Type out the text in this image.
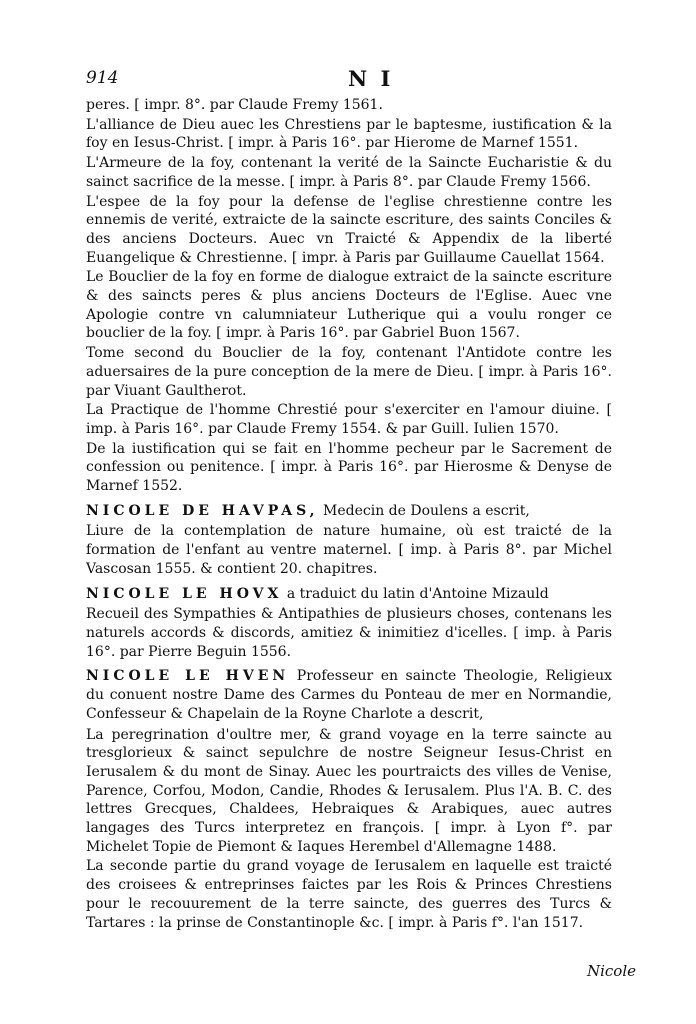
914	N I

peres. [ impr. 8°. par Claude Fremy 1561.

L'alliance de Dieu auec les Chrestiens par le baptesme, iustification & la foy en Iesus-Christ. [ impr. à Paris 16°. par Hierome de Marnef 1551.

L'Armeure de la foy, contenant la verité de la Saincte Eucharistie & du sainct sacrifice de la messe. [ impr. à Paris 8°. par Claude Fremy 1566.

L'espee de la foy pour la defense de l'eglise chrestienne contre les ennemis de verité, extraicte de la saincte escriture, des saints Conciles & des anciens Docteurs. Auec vn Traicté & Appendix de la liberté Euangelique & Chrestienne. [ impr. à Paris par Guillaume Cauellat 1564.

Le Bouclier de la foy en forme de dialogue extraict de la saincte escriture & des saincts peres & plus anciens Docteurs de l'Eglise. Auec vne Apologie contre vn calumniateur Lutherique qui a voulu ronger ce bouclier de la foy. [ impr. à Paris 16°. par Gabriel Buon 1567.

Tome second du Bouclier de la foy, contenant l'Antidote contre les aduersaires de la pure conception de la mere de Dieu. [ impr. à Paris 16°. par Viuant Gaultherot.

La Practique de l'homme Chrestié pour s'exerciter en l'amour diuine. [ imp. à Paris 16°. par Claude Fremy 1554. & par Guill. Iulien 1570.

De la iustification qui se fait en l'homme pecheur par le Sacrement de confession ou penitence. [ impr. à Paris 16°. par Hierosme & Denyse de Marnef 1552.

NICOLE DE HAVPAS, Medecin de Doulens a escrit,

Liure de la contemplation de nature humaine, où est traicté de la formation de l'enfant au ventre maternel. [ imp. à Paris 8°. par Michel Vascosan 1555. & contient 20. chapitres.

NICOLE LE HOVX a traduict du latin d'Antoine Mizauld

Recueil des Sympathies & Antipathies de plusieurs choses, contenans les naturels accords & discords, amitiez & inimitiez d'icelles. [ imp. à Paris 16°. par Pierre Beguin 1556.

NICOLE LE HVEN Professeur en saincte Theologie, Religieux du conuent nostre Dame des Carmes du Ponteau de mer en Normandie, Confesseur & Chapelain de la Royne Charlote a descrit,

La peregrination d'oultre mer, & grand voyage en la terre saincte au tresglorieux & sainct sepulchre de nostre Seigneur Iesus-Christ en Ierusalem & du mont de Sinay. Auec les pourtraicts des villes de Venise, Parence, Corfou, Modon, Candie, Rhodes & Ierusalem. Plus l'A. B. C. des lettres Grecques, Chaldees, Hebraiques & Arabiques, auec autres langages des Turcs interpretez en françois. [ impr. à Lyon f°. par Michelet Topie de Piemont & Iaques Herembel d'Allemagne 1488.

La seconde partie du grand voyage de Ierusalem en laquelle est traicté des croisees & entreprinses faictes par les Rois & Princes Chrestiens pour le recouurement de la terre saincte, des guerres des Turcs & Tartares : la prinse de Constantinople &c. [ impr. à Paris f°. l'an 1517.

Nicole
